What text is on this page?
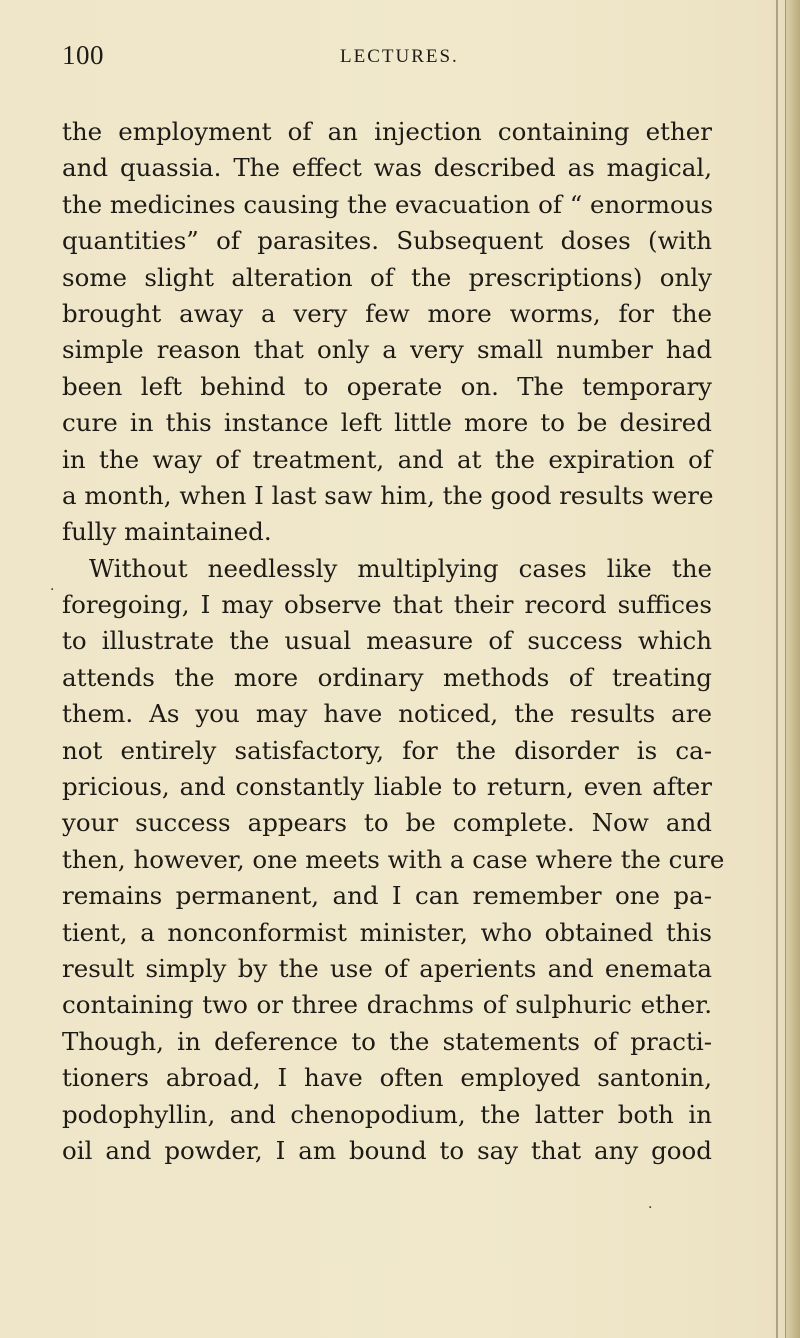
100	LECTURES.
the employment of an injection containing ether
and quassia. The effect was described as magical,
the medicines causing the evacuation of “ enormous
quantities” of parasites. Subsequent doses (with
some slight alteration of the prescriptions) only
brought away a very few more worms, for the
simple reason that only a very small number had
been left behind to operate on. The temporary
cure in this instance left little more to be desired
in the way of treatment, and at the expiration of
a month, when I last saw him, the good results were
fully maintained.
Without needlessly multiplying cases like the
foregoing, I may observe that their record suffices
to illustrate the usual measure of success which
attends the more ordinary methods of treating
them. As you may have noticed, the results are
not entirely satisfactory, for the disorder is ca-
pricious, and constantly liable to return, even after
your success appears to be complete. Now and
then, however, one meets with a case where the cure
remains permanent, and I can remember one pa-
tient, a nonconformist minister, who obtained this
result simply by the use of aperients and enemata
containing two or three drachms of sulphuric ether.
Though, in deference to the statements of practi-
tioners abroad, I have often employed santonin,
podophyllin, and chenopodium, the latter both in
oil and powder, I am bound to say that any good
·
·
